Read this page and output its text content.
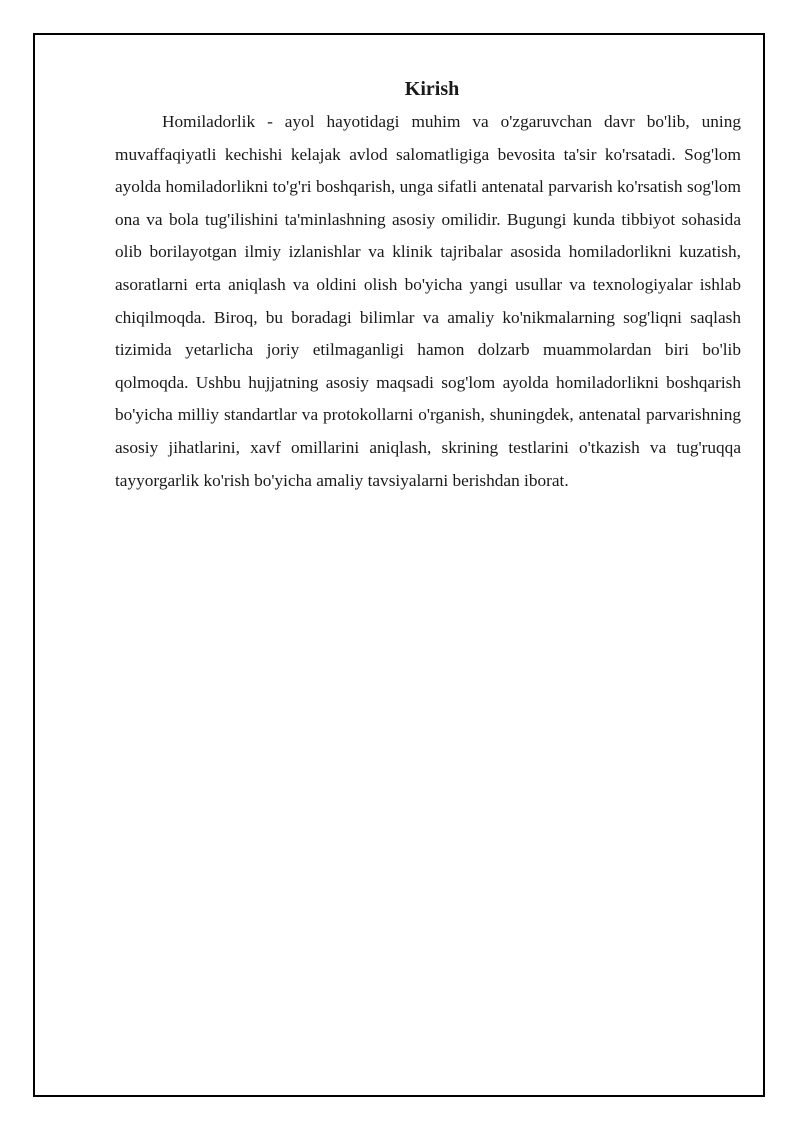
Kirish

Homiladorlik - ayol hayotidagi muhim va o'zgaruvchan davr bo'lib, uning muvaffaqiyatli kechishi kelajak avlod salomatligiga bevosita ta'sir ko'rsatadi. Sog'lom ayolda homiladorlikni to'g'ri boshqarish, unga sifatli antenatal parvarish ko'rsatish sog'lom ona va bola tug'ilishini ta'minlashning asosiy omilidir. Bugungi kunda tibbiyot sohasida olib borilayotgan ilmiy izlanishlar va klinik tajribalar asosida homiladorlikni kuzatish, asoratlarni erta aniqlash va oldini olish bo'yicha yangi usullar va texnologiyalar ishlab chiqilmoqda. Biroq, bu boradagi bilimlar va amaliy ko'nikmalarning sog'liqni saqlash tizimida yetarlicha joriy etilmaganligi hamon dolzarb muammolardan biri bo'lib qolmoqda. Ushbu hujjatning asosiy maqsadi sog'lom ayolda homiladorlikni boshqarish bo'yicha milliy standartlar va protokollarni o'rganish, shuningdek, antenatal parvarishning asosiy jihatlarini, xavf omillarini aniqlash, skrining testlarini o'tkazish va tug'ruqqa tayyorgarlik ko'rish bo'yicha amaliy tavsiyalarni berishdan iborat.
